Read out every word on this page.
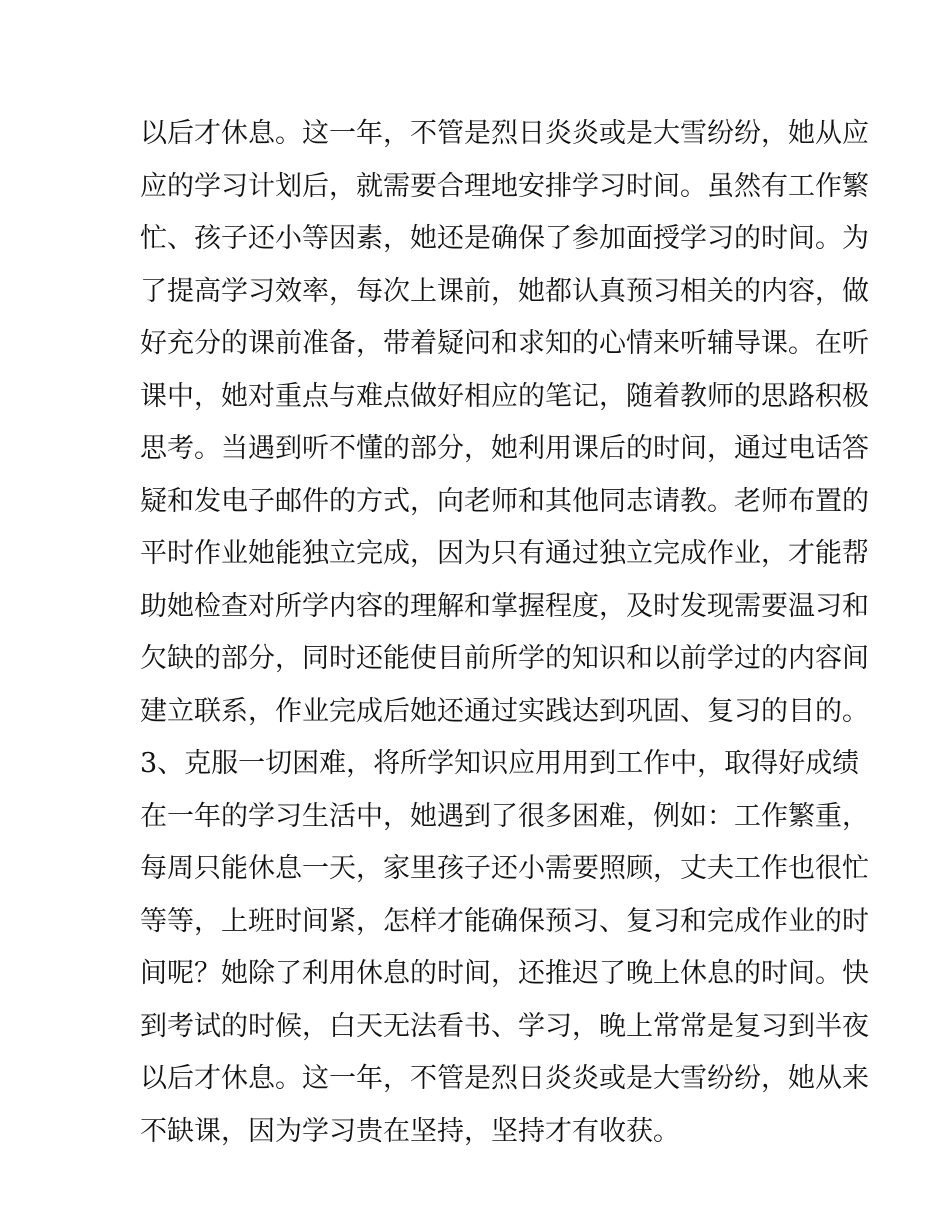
以后才休息。这一年，不管是烈日炎炎或是大雪纷纷，她从应
应的学习计划后，就需要合理地安排学习时间。虽然有工作繁
忙、孩子还小等因素，她还是确保了参加面授学习的时间。为
了提高学习效率，每次上课前，她都认真预习相关的内容，做
好充分的课前准备，带着疑问和求知的心情来听辅导课。在听
课中，她对重点与难点做好相应的笔记，随着教师的思路积极
思考。当遇到听不懂的部分，她利用课后的时间，通过电话答
疑和发电子邮件的方式，向老师和其他同志请教。老师布置的
平时作业她能独立完成，因为只有通过独立完成作业，才能帮
助她检查对所学内容的理解和掌握程度，及时发现需要温习和
欠缺的部分，同时还能使目前所学的知识和以前学过的内容间
建立联系，作业完成后她还通过实践达到巩固、复习的目的。
3、克服一切困难，将所学知识应用用到工作中，取得好成绩
在一年的学习生活中，她遇到了很多困难，例如：工作繁重，
每周只能休息一天，家里孩子还小需要照顾，丈夫工作也很忙
等等，上班时间紧，怎样才能确保预习、复习和完成作业的时
间呢？她除了利用休息的时间，还推迟了晚上休息的时间。快
到考试的时候，白天无法看书、学习，晚上常常是复习到半夜
以后才休息。这一年，不管是烈日炎炎或是大雪纷纷，她从来
不缺课，因为学习贵在坚持，坚持才有收获。
